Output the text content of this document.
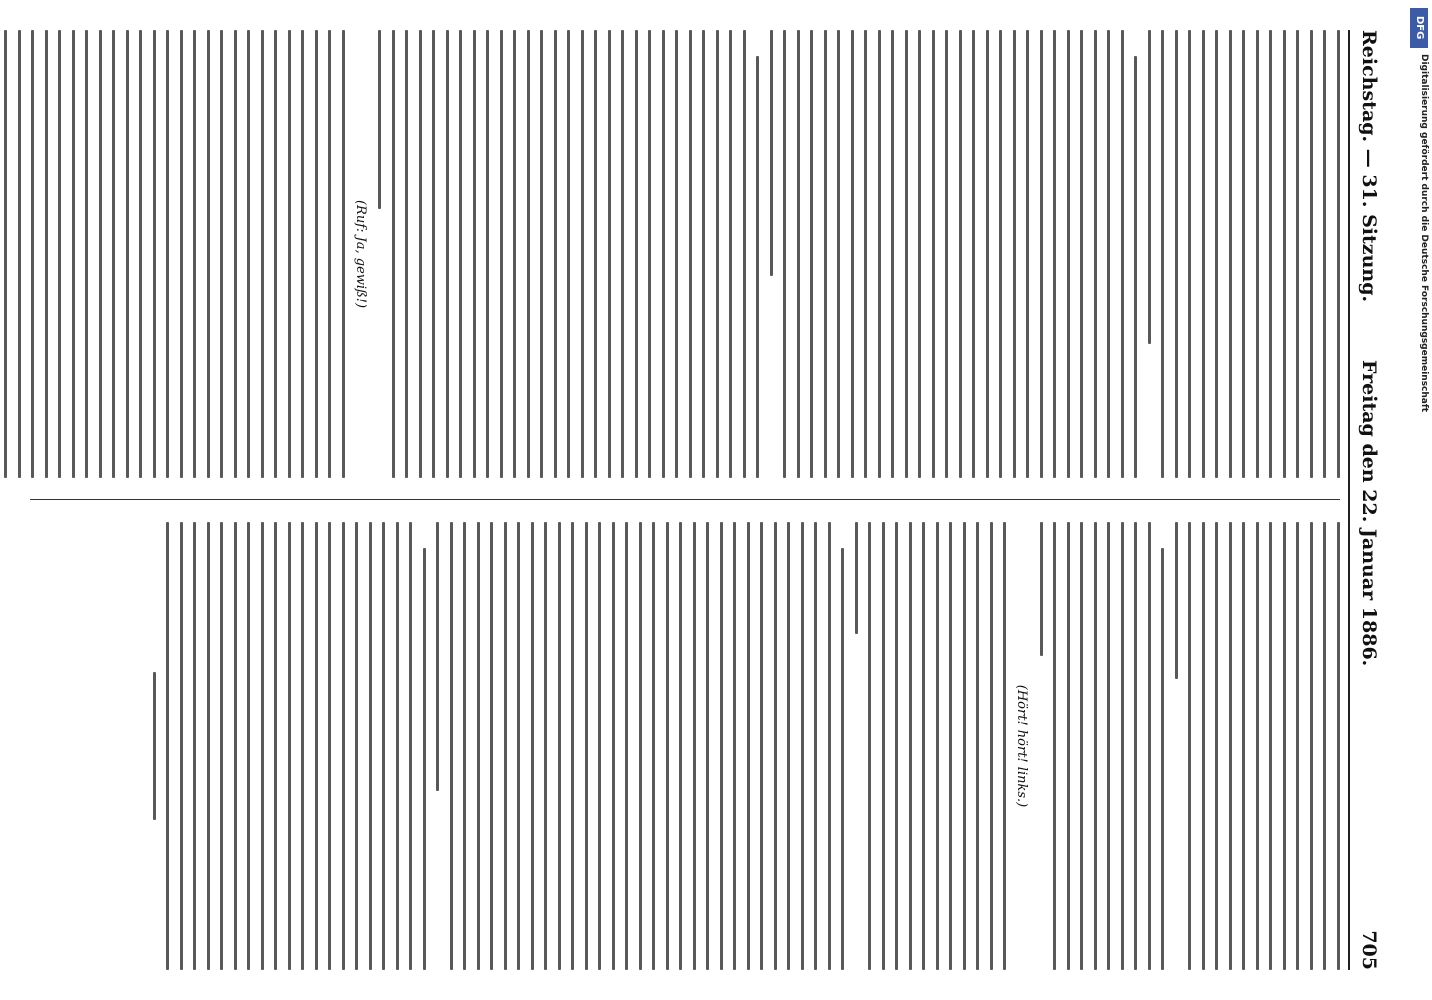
Reichstag. — 31. Sitzung.
Freitag den 22. Januar 1886.
705
(Ruf: Ja, gewiß!)
(Hört! hört! links.)
DFG
Digitalisierung gefördert durch die Deutsche Forschungsgemeinschaft
